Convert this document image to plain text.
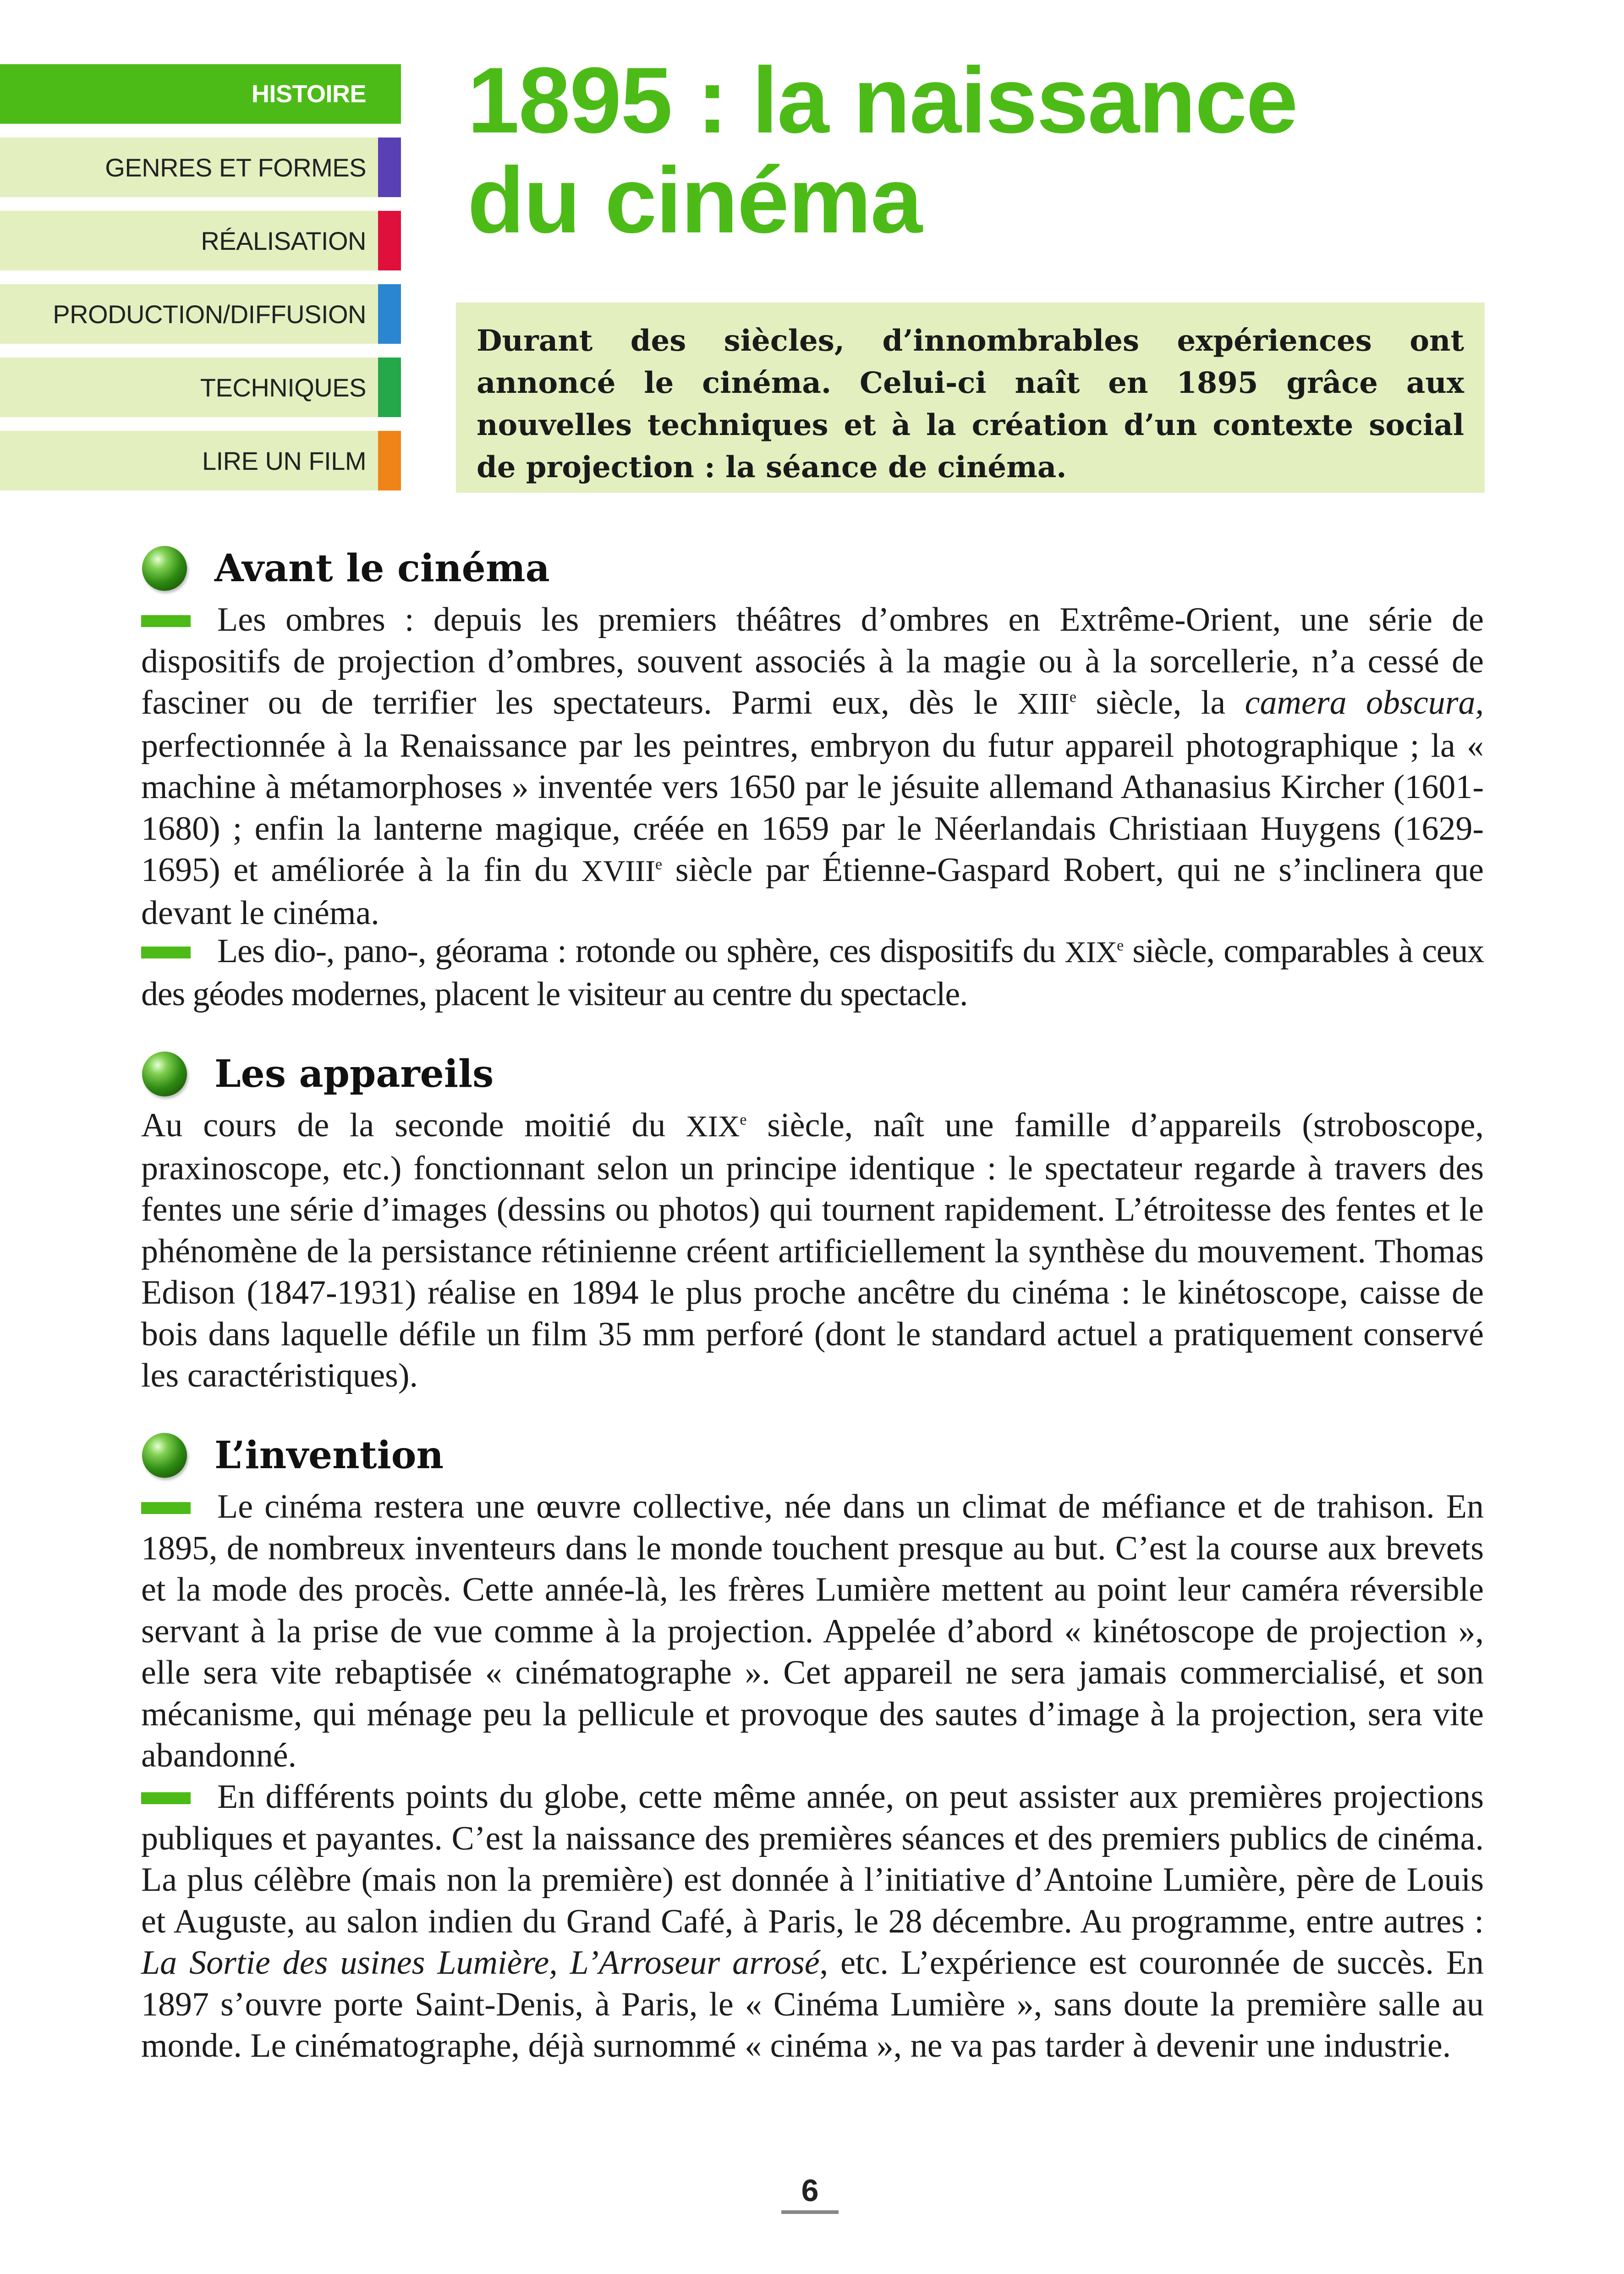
HISTOIRE
GENRES ET FORMES
RÉALISATION
PRODUCTION/DIFFUSION
TECHNIQUES
LIRE UN FILM
1895 : la naissance
du cinéma
Durant des siècles, d’innombrables expériences ont annoncé le cinéma. Celui-ci naît en 1895 grâce aux nouvelles techniques et à la création d’un contexte social de projection : la séance de cinéma.
Avant le cinéma

Les ombres : depuis les premiers théâtres d’ombres en Extrême-Orient, une série de dispositifs de projection d’ombres, souvent associés à la magie ou à la sorcellerie, n’a cessé de fasciner ou de terrifier les spectateurs. Parmi eux, dès le XIIIe siècle, la camera obscura, perfectionnée à la Renaissance par les peintres, embryon du futur appareil photographique ; la « machine à métamorphoses » inventée vers 1650 par le jésuite allemand Athanasius Kircher (1601-1680) ; enfin la lanterne magique, créée en 1659 par le Néerlandais Christiaan Huygens (1629-1695) et améliorée à la fin du XVIIIe siècle par Étienne-Gaspard Robert, qui ne s’inclinera que devant le cinéma.

Les dio-, pano-, géorama : rotonde ou sphère, ces dispositifs du XIXe siècle, comparables à ceux des géodes modernes, placent le visiteur au centre du spectacle.

Les appareils

Au cours de la seconde moitié du XIXe siècle, naît une famille d’appareils (stroboscope, praxinoscope, etc.) fonctionnant selon un principe identique : le spectateur regarde à travers des fentes une série d’images (dessins ou photos) qui tournent rapidement. L’étroitesse des fentes et le phénomène de la persistance rétinienne créent artificiellement la synthèse du mouvement. Thomas Edison (1847-1931) réalise en 1894 le plus proche ancêtre du cinéma : le kinétoscope, caisse de bois dans laquelle défile un film 35 mm perforé (dont le standard actuel a pratiquement conservé les caractéristiques).

L’invention

Le cinéma restera une œuvre collective, née dans un climat de méfiance et de trahison. En 1895, de nombreux inventeurs dans le monde touchent presque au but. C’est la course aux brevets et la mode des procès. Cette année-là, les frères Lumière mettent au point leur caméra réversible servant à la prise de vue comme à la projection. Appelée d’abord « kinétoscope de projection », elle sera vite rebaptisée « cinématographe ». Cet appareil ne sera jamais commercialisé, et son mécanisme, qui ménage peu la pellicule et provoque des sautes d’image à la projection, sera vite abandonné.

En différents points du globe, cette même année, on peut assister aux premières projections publiques et payantes. C’est la naissance des premières séances et des premiers publics de cinéma. La plus célèbre (mais non la première) est donnée à l’initiative d’Antoine Lumière, père de Louis et Auguste, au salon indien du Grand Café, à Paris, le 28 décembre. Au programme, entre autres : La Sortie des usines Lumière, L’Arroseur arrosé, etc. L’expérience est couronnée de succès. En 1897 s’ouvre porte Saint-Denis, à Paris, le « Cinéma Lumière », sans doute la première salle au monde. Le cinématographe, déjà surnommé « cinéma », ne va pas tarder à devenir une industrie.

6
